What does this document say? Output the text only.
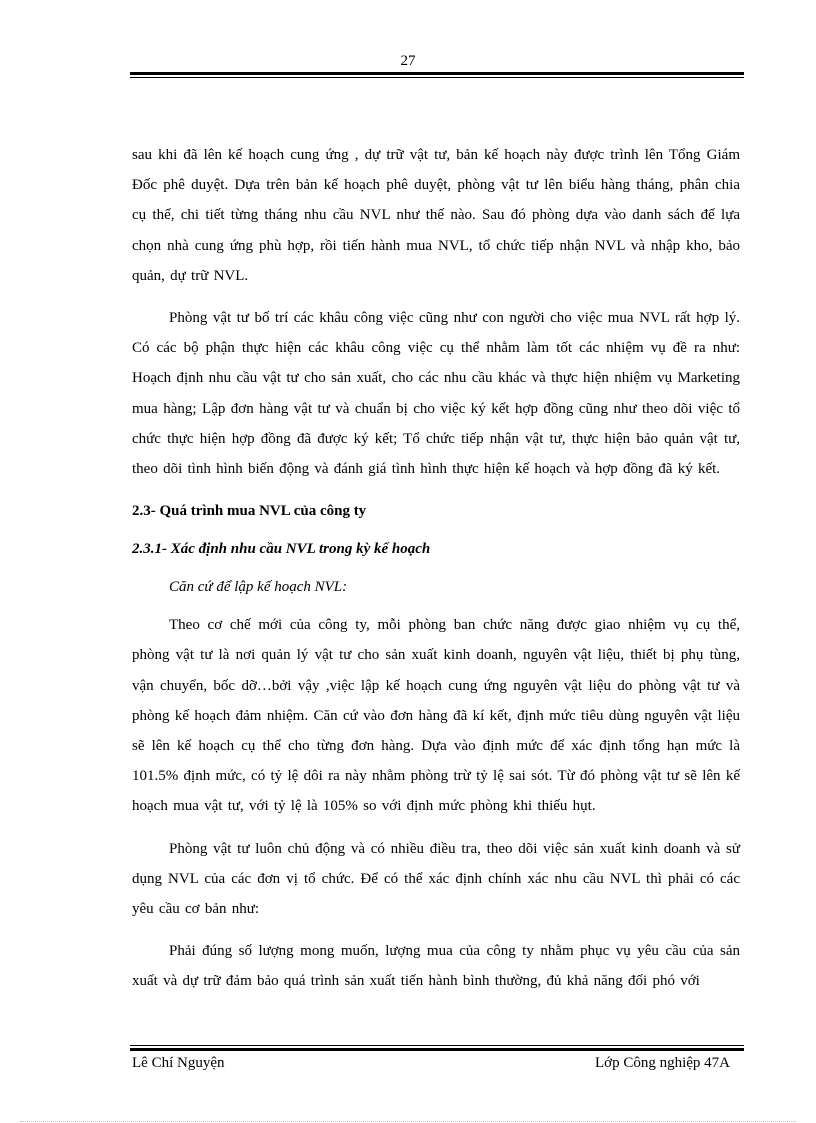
27

sau khi đã lên kế hoạch cung ứng , dự trữ vật tư, bản kế hoạch này được trình lên Tổng Giám Đốc phê duyệt. Dựa trên bản kế hoạch phê duyệt, phòng vật tư lên biểu hàng tháng, phân chia cụ thể, chi tiết từng tháng nhu cầu NVL như thế nào. Sau đó phòng dựa vào danh sách để lựa chọn nhà cung ứng phù hợp, rồi tiến hành mua NVL, tổ chức tiếp nhận NVL và nhập kho, bảo quản, dự trữ NVL.

Phòng vật tư bố trí các khâu công việc cũng như con người cho việc mua NVL rất hợp lý. Có các bộ phận thực hiện các khâu công việc cụ thể nhằm làm tốt các nhiệm vụ đề ra như: Hoạch định nhu cầu vật tư cho sản xuất, cho các nhu cầu khác và thực hiện nhiệm vụ Marketing mua hàng; Lập đơn hàng vật tư và chuẩn bị cho việc ký kết hợp đồng cũng như theo dõi việc tổ chức thực hiện hợp đồng đã được ký kết; Tổ chức tiếp nhận vật tư, thực hiện bảo quản vật tư, theo dõi tình hình biến động và đánh giá tình hình thực hiện kế hoạch và hợp đồng đã ký kết.

2.3- Quá trình mua NVL của công ty

2.3.1- Xác định nhu cầu NVL trong kỳ kế hoạch

Căn cứ để lập kế hoạch NVL:

Theo cơ chế mới của công ty, mỗi phòng ban chức năng được giao nhiệm vụ cụ thể, phòng vật tư là nơi quản lý vật tư cho sản xuất kinh doanh, nguyên vật liệu, thiết bị phụ tùng, vận chuyển, bốc dỡ…bởi vậy ,việc lập kế hoạch cung ứng nguyên vật liệu do phòng vật tư và phòng kế hoạch đảm nhiệm. Căn cứ vào đơn hàng đã kí kết, định mức tiêu dùng nguyên vật liệu sẽ lên kế hoạch cụ thể cho từng đơn hàng. Dựa vào định mức để xác định tổng hạn mức là 101.5% định mức, có tỷ lệ dôi ra này nhằm phòng trừ tỷ lệ sai sót. Từ đó phòng vật tư sẽ lên kế hoạch mua vật tư, với tỷ lệ là 105% so với định mức phòng khi thiếu hụt.

Phòng vật tư luôn chủ động và có nhiều điều tra, theo dõi việc sản xuất kinh doanh và sử dụng NVL của các đơn vị tổ chức. Để có thể xác định chính xác nhu cầu NVL thì phải có các yêu cầu cơ bản như:

Phải đúng số lượng mong muốn, lượng mua của công ty nhằm phục vụ yêu cầu của sản xuất và dự trữ đảm bảo quá trình sản xuất tiến hành bình thường, đủ khả năng đối phó với

Lê Chí Nguyện	Lớp Công nghiệp 47A
